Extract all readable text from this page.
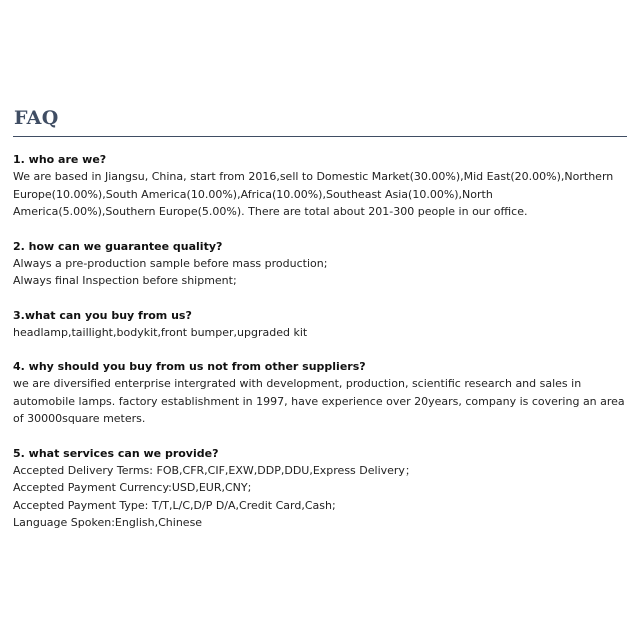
FAQ

1. who are we?

We are based in Jiangsu, China, start from 2016,sell to Domestic Market(30.00%),Mid East(20.00%),Northern Europe(10.00%),South America(10.00%),Africa(10.00%),Southeast Asia(10.00%),North America(5.00%),Southern Europe(5.00%). There are total about 201-300 people in our office.

2. how can we guarantee quality?

Always a pre-production sample before mass production;
Always final Inspection before shipment;

3.what can you buy from us?

headlamp,taillight,bodykit,front bumper,upgraded kit

4. why should you buy from us not from other suppliers?

we are diversified enterprise intergrated with development, production, scientific research and sales in automobile lamps. factory establishment in 1997, have experience over 20years, company is covering an area of 30000square meters.

5. what services can we provide?

Accepted Delivery Terms: FOB,CFR,CIF,EXW,DDP,DDU,Express Delivery；
Accepted Payment Currency:USD,EUR,CNY;
Accepted Payment Type: T/T,L/C,D/P D/A,Credit Card,Cash;
Language Spoken:English,Chinese
